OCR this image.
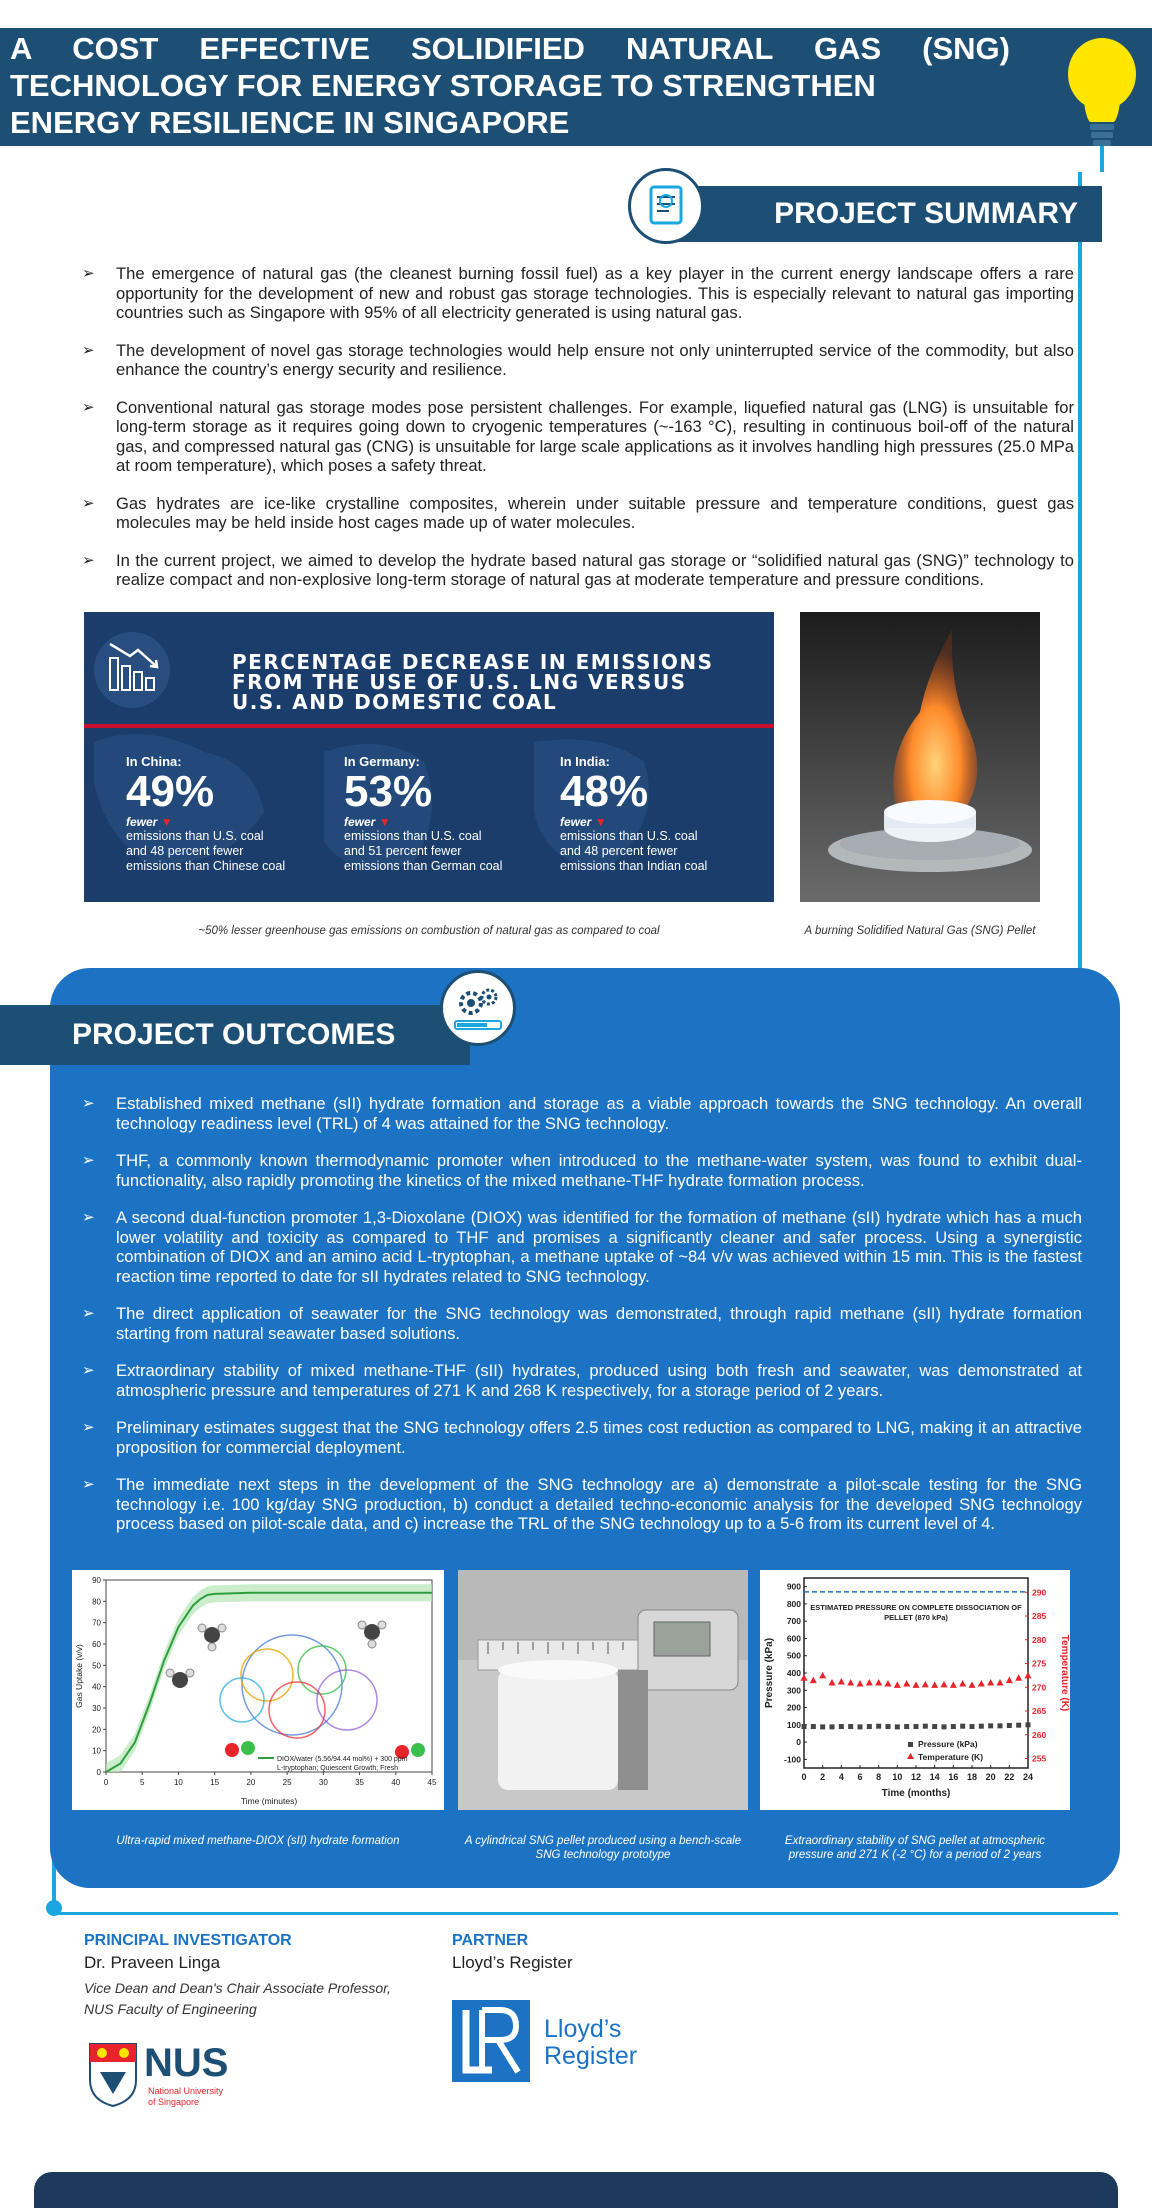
A COST EFFECTIVE SOLIDIFIED NATURAL GAS (SNG)
TECHNOLOGY FOR ENERGY STORAGE TO STRENGTHEN
ENERGY RESILIENCE IN SINGAPORE
PROJECT SUMMARY

➢ The emergence of natural gas (the cleanest burning fossil fuel) as a key player in the current energy landscape offers a rare opportunity for the development of new and robust gas storage technologies. This is especially relevant to natural gas importing countries such as Singapore with 95% of all electricity generated is using natural gas.

➢ The development of novel gas storage technologies would help ensure not only uninterrupted service of the commodity, but also enhance the country’s energy security and resilience.

➢ Conventional natural gas storage modes pose persistent challenges. For example, liquefied natural gas (LNG) is unsuitable for long-term storage as it requires going down to cryogenic temperatures (~-163 °C), resulting in continuous boil-off of the natural gas, and compressed natural gas (CNG) is unsuitable for large scale applications as it involves handling high pressures (25.0 MPa at room temperature), which poses a safety threat.

➢ Gas hydrates are ice-like crystalline composites, wherein under suitable pressure and temperature conditions, guest gas molecules may be held inside host cages made up of water molecules.

➢ In the current project, we aimed to develop the hydrate based natural gas storage or “solidified natural gas (SNG)” technology to realize compact and non-explosive long-term storage of natural gas at moderate temperature and pressure conditions.

PERCENTAGE DECREASE IN EMISSIONS
FROM THE USE OF U.S. LNG VERSUS
U.S. AND DOMESTIC COAL
In China:
49%
fewer ▼
emissions than U.S. coal
and 48 percent fewer
emissions than Chinese coal
In Germany:
53%
fewer ▼
emissions than U.S. coal
and 51 percent fewer
emissions than German coal
In India:
48%
fewer ▼
emissions than U.S. coal
and 48 percent fewer
emissions than Indian coal
~50% lesser greenhouse gas emissions on combustion of natural gas as compared to coal	A burning Solidified Natural Gas (SNG) Pellet
PROJECT OUTCOMES

➢ Established mixed methane (sII) hydrate formation and storage as a viable approach towards the SNG technology. An overall technology readiness level (TRL) of 4 was attained for the SNG technology.

➢ THF, a commonly known thermodynamic promoter when introduced to the methane-water system, was found to exhibit dual-functionality, also rapidly promoting the kinetics of the mixed methane-THF hydrate formation process.

➢ A second dual-function promoter 1,3-Dioxolane (DIOX) was identified for the formation of methane (sII) hydrate which has a much lower volatility and toxicity as compared to THF and promises a significantly cleaner and safer process. Using a synergistic combination of DIOX and an amino acid L-tryptophan, a methane uptake of ~84 v/v was achieved within 15 min. This is the fastest reaction time reported to date for sII hydrates related to SNG technology.

➢ The direct application of seawater for the SNG technology was demonstrated, through rapid methane (sII) hydrate formation starting from natural seawater based solutions.

➢ Extraordinary stability of mixed methane-THF (sII) hydrates, produced using both fresh and seawater, was demonstrated at atmospheric pressure and temperatures of 271 K and 268 K respectively, for a storage period of 2 years.

➢ Preliminary estimates suggest that the SNG technology offers 2.5 times cost reduction as compared to LNG, making it an attractive proposition for commercial deployment.

➢ The immediate next steps in the development of the SNG technology are a) demonstrate a pilot-scale testing for the SNG technology i.e. 100 kg/day SNG production, b) conduct a detailed techno-economic analysis for the developed SNG technology process based on pilot-scale data, and c) increase the TRL of the SNG technology up to a 5-6 from its current level of 4.

0	5	10	15	20	25	30	35	40	45
0
10
20
30
40
50
60
70
80
90
Time (minutes)
Gas Uptake (v/v)
DIOX/water (5.56/94.44 mol%) + 300 ppm
L-tryptophan; Quiescent Growth; Fresh
Ultra-rapid mixed methane-DIOX (sII) hydrate formation	A cylindrical SNG pellet produced using a bench-scale
SNG technology prototype
0 2 4 6 8 10 12 14 16 18 20 22 24
-100
0
100
200
300
400
500
600
700
800
900
255
260
265
270
275
280
285
290
Time (months)
Pressure (kPa)	Temperature (K)
ESTIMATED PRESSURE ON COMPLETE DISSOCIATION OF
PELLET (870 kPa)
Pressure (kPa)
Temperature (K)
Extraordinary stability of SNG pellet at atmospheric
pressure and 271 K (-2 °C) for a period of 2 years
PRINCIPAL INVESTIGATOR
Dr. Praveen Linga
Vice Dean and Dean's Chair Associate Professor,
NUS Faculty of Engineering
NUS
National University
of Singapore
PARTNER
Lloyd’s Register
Lloyd’s
Register
